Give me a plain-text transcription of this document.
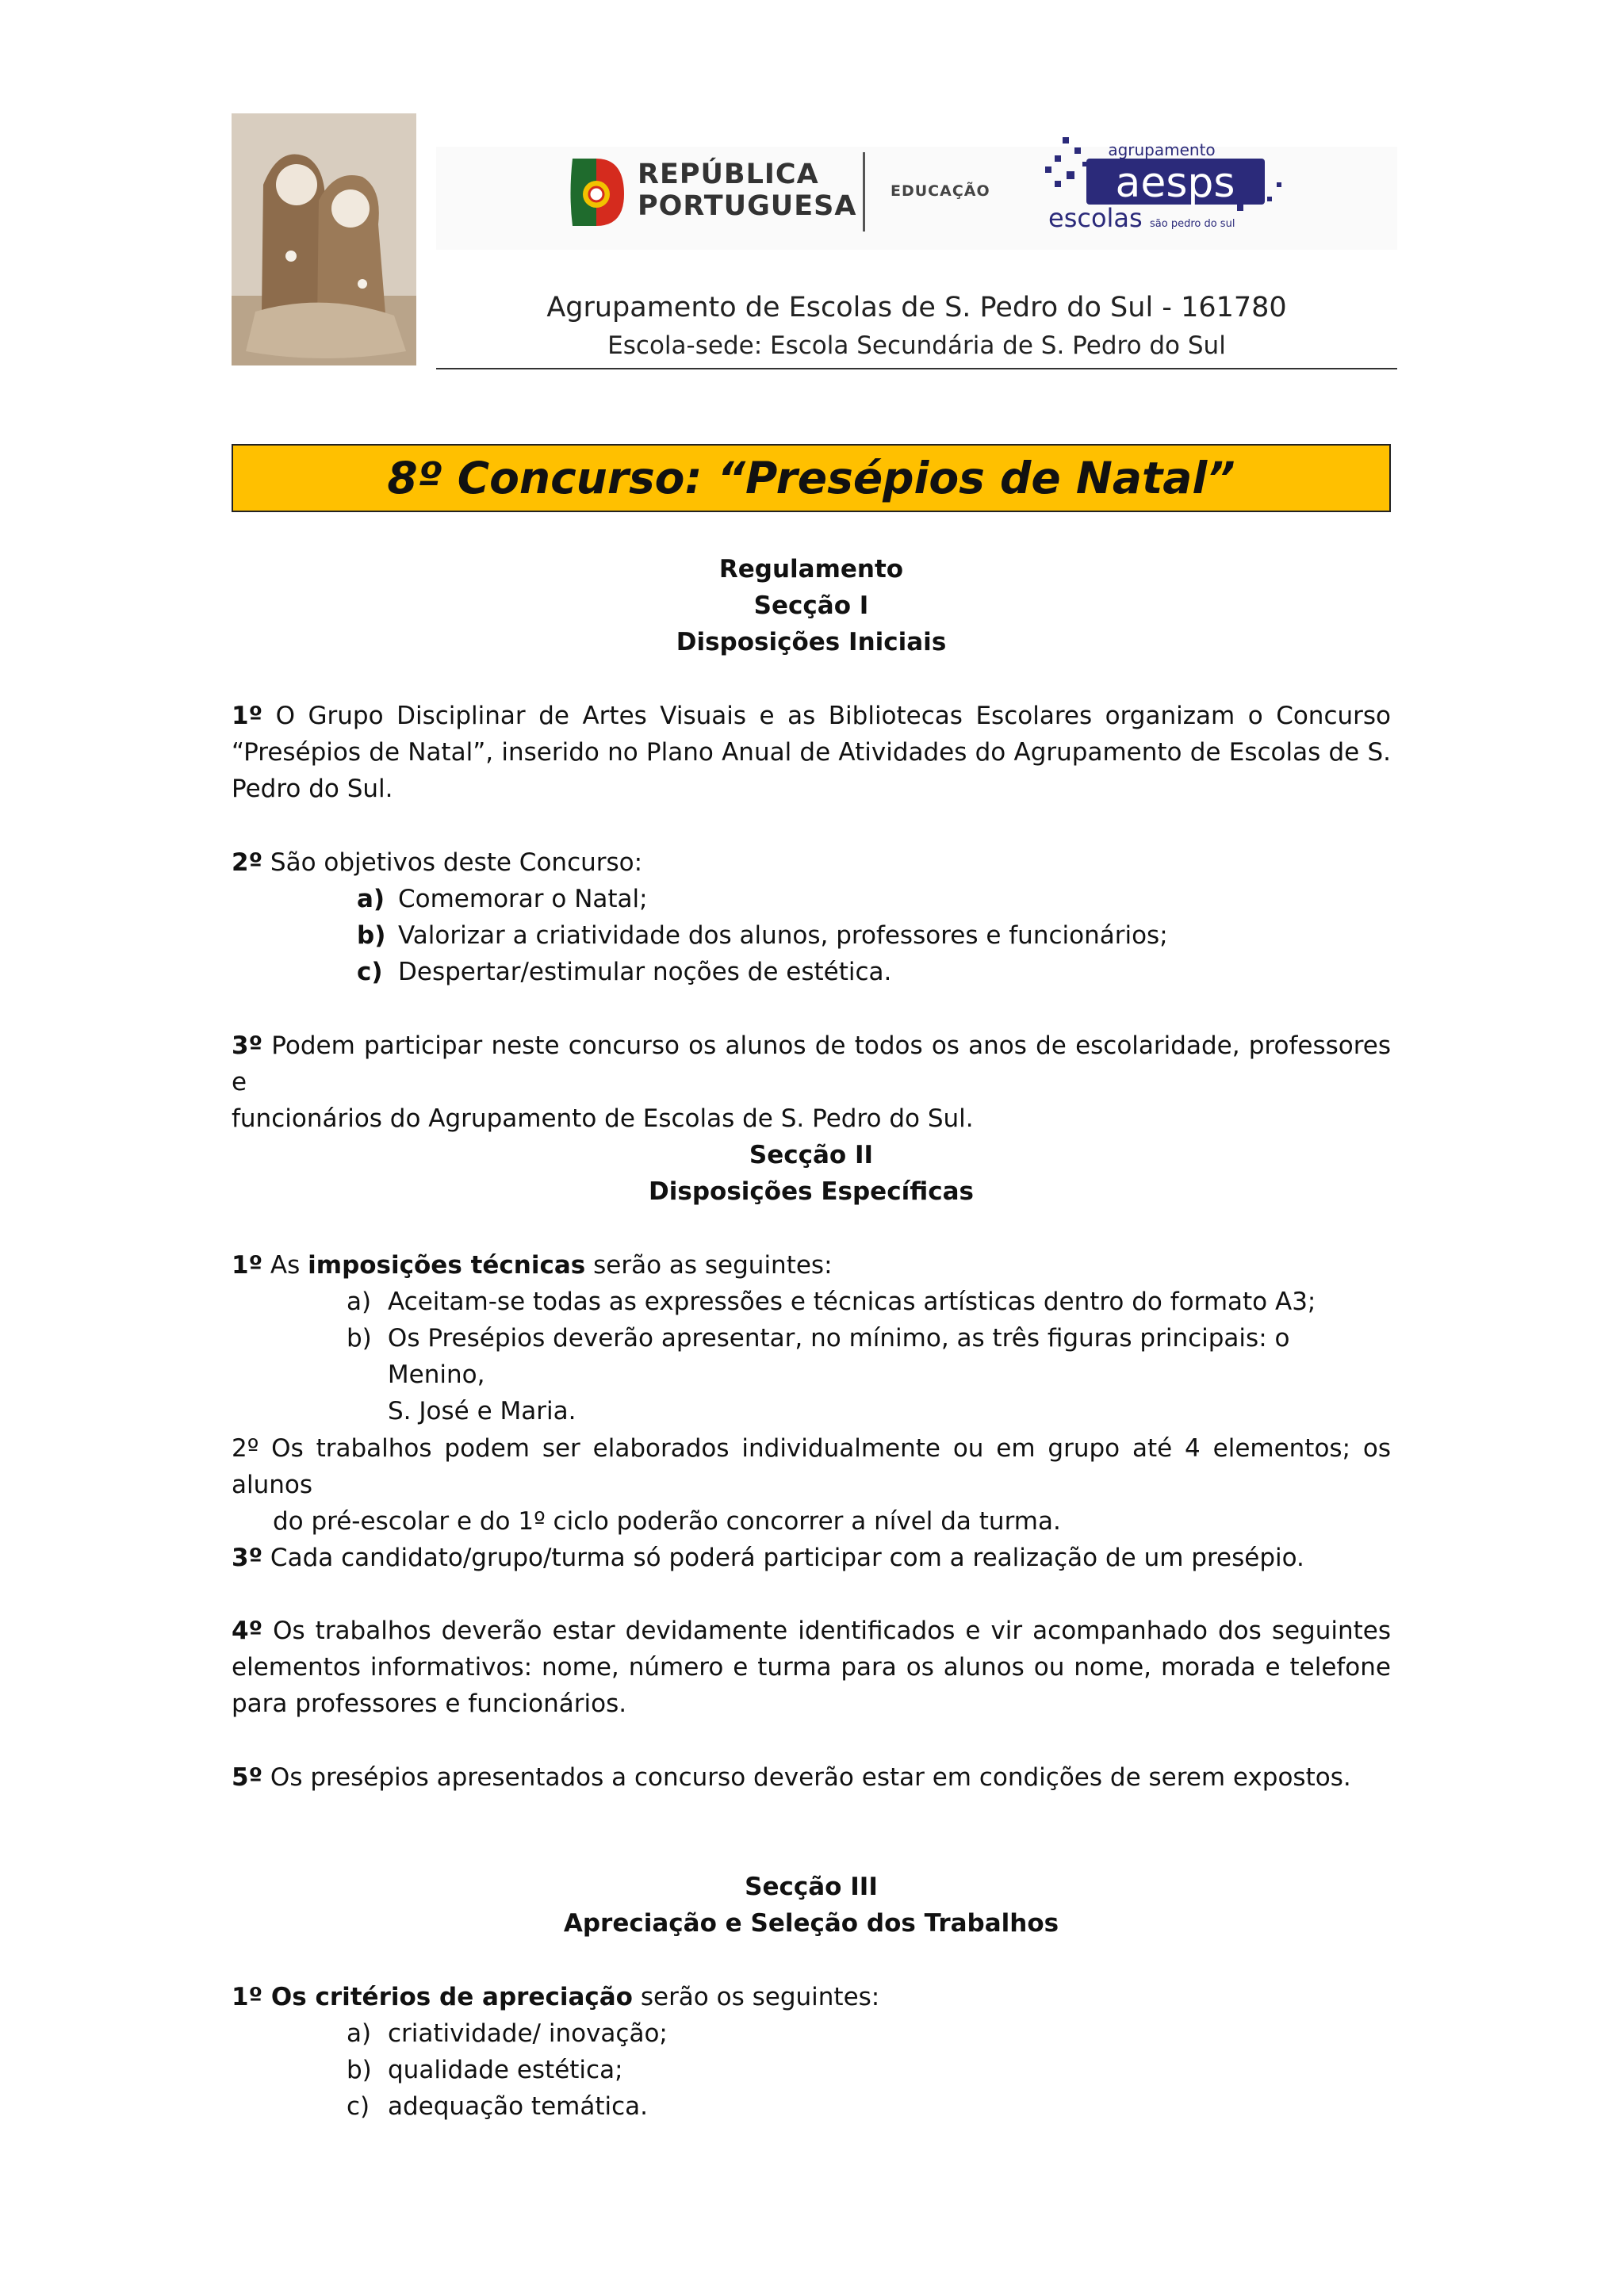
REPÚBLICA
PORTUGUESA EDUCAÇÃO
agrupamento
aesps
escolas são pedro do sul
Agrupamento de Escolas de S. Pedro do Sul - 161780
Escola-sede: Escola Secundária de S. Pedro do Sul
8º Concurso: “Presépios de Natal”
Regulamento
Secção I
Disposições Iniciais
1º O Grupo Disciplinar de Artes Visuais e as Bibliotecas Escolares organizam o Concurso
“Presépios de Natal”, inserido no Plano Anual de Atividades do Agrupamento de Escolas de S.
Pedro do Sul.
2º São objetivos deste Concurso:
a) Comemorar o Natal;
b) Valorizar a criatividade dos alunos, professores e funcionários;
c) Despertar/estimular noções de estética.
3º Podem participar neste concurso os alunos de todos os anos de escolaridade, professores e
funcionários do Agrupamento de Escolas de S. Pedro do Sul.
Secção II
Disposições Específicas
1º As imposições técnicas serão as seguintes:
a) Aceitam-se todas as expressões e técnicas artísticas dentro do formato A3;
b) Os Presépios deverão apresentar, no mínimo, as três figuras principais: o Menino,
S. José e Maria.
2º Os trabalhos podem ser elaborados individualmente ou em grupo até 4 elementos; os alunos
do pré-escolar e do 1º ciclo poderão concorrer a nível da turma.
3º Cada candidato/grupo/turma só poderá participar com a realização de um presépio.
4º Os trabalhos deverão estar devidamente identificados e vir acompanhado dos seguintes
elementos informativos: nome, número e turma para os alunos ou nome, morada e telefone
para professores e funcionários.
5º Os presépios apresentados a concurso deverão estar em condições de serem expostos.
Secção III
Apreciação e Seleção dos Trabalhos
1º Os critérios de apreciação serão os seguintes:
a) criatividade/ inovação;
b) qualidade estética;
c) adequação temática.
